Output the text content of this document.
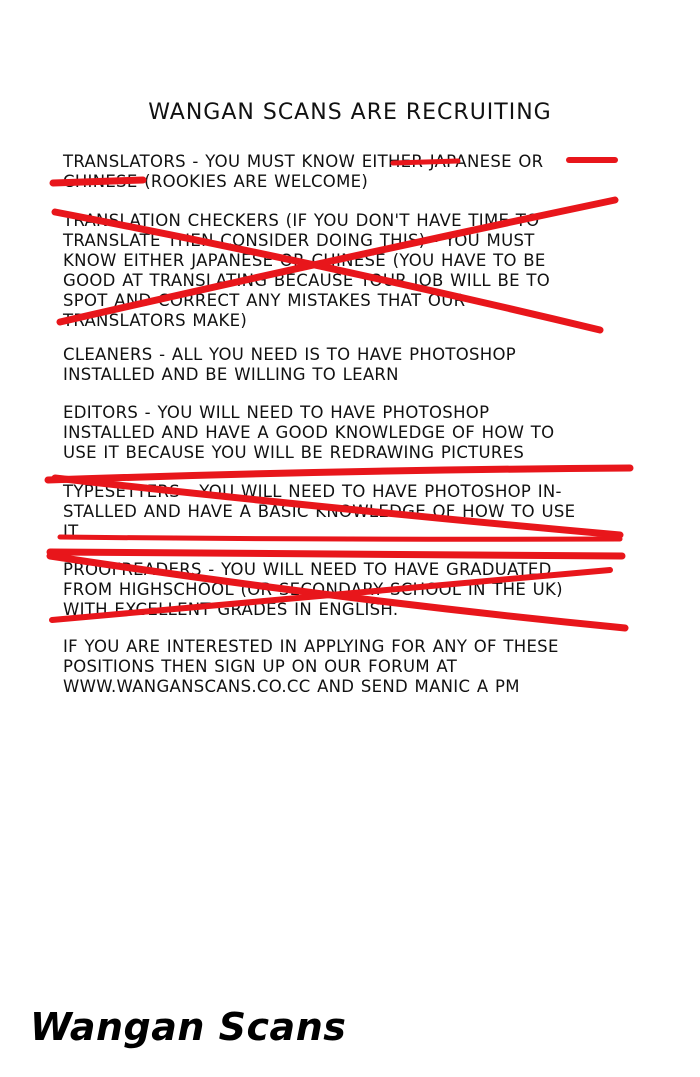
WANGAN SCANS ARE RECRUITING

TRANSLATORS - YOU MUST KNOW EITHER JAPANESE OR
CHINESE (ROOKIES ARE WELCOME)

TRANSLATION CHECKERS (IF YOU DON'T HAVE TIME TO
TRANSLATE THEN CONSIDER DOING THIS) - YOU MUST
KNOW EITHER JAPANESE OR CHINESE (YOU HAVE TO BE
GOOD AT TRANSLATING BECAUSE YOUR JOB WILL BE TO
SPOT AND CORRECT ANY MISTAKES THAT OUR
TRANSLATORS MAKE)

CLEANERS - ALL YOU NEED IS TO HAVE PHOTOSHOP
INSTALLED AND BE WILLING TO LEARN

EDITORS - YOU WILL NEED TO HAVE PHOTOSHOP
INSTALLED AND HAVE A GOOD KNOWLEDGE OF HOW TO
USE IT BECAUSE YOU WILL BE REDRAWING PICTURES

TYPESETTERS - YOU WILL NEED TO HAVE PHOTOSHOP IN-
STALLED AND HAVE A BASIC KNOWLEDGE OF HOW TO USE
IT

PROOFREADERS - YOU WILL NEED TO HAVE GRADUATED
FROM HIGHSCHOOL (OR SECONDARY SCHOOL IN THE UK)
WITH EXCELLENT GRADES IN ENGLISH.

IF YOU ARE INTERESTED IN APPLYING FOR ANY OF THESE
POSITIONS THEN SIGN UP ON OUR FORUM AT
WWW.WANGANSCANS.CO.CC AND SEND MANIC A PM

Wangan Scans
